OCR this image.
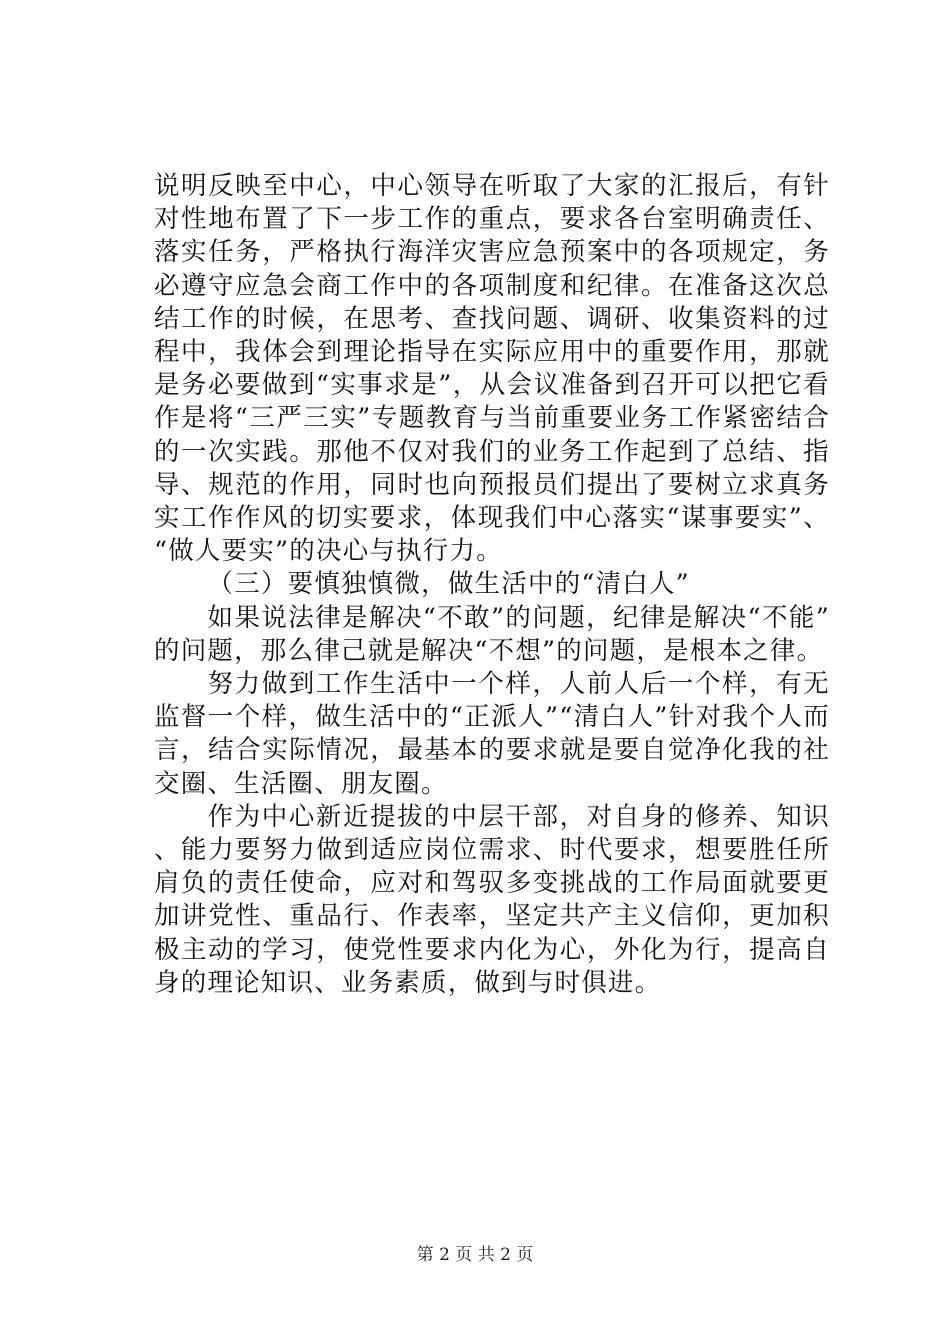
说明反映至中心，中心领导在听取了大家的汇报后，有针对性地布置了下一步工作的重点，要求各台室明确责任、落实任务，严格执行海洋灾害应急预案中的各项规定，务必遵守应急会商工作中的各项制度和纪律。在准备这次总结工作的时候，在思考、查找问题、调研、收集资料的过程中，我体会到理论指导在实际应用中的重要作用，那就是务必要做到“实事求是”，从会议准备到召开可以把它看作是将“三严三实”专题教育与当前重要业务工作紧密结合的一次实践。那他不仅对我们的业务工作起到了总结、指导、规范的作用，同时也向预报员们提出了要树立求真务实工作作风的切实要求，体现我们中心落实“谋事要实”、“做人要实”的决心与执行力。

（三）要慎独慎微，做生活中的“清白人”

如果说法律是解决“不敢”的问题，纪律是解决“不能”的问题，那么律己就是解决“不想”的问题，是根本之律。

努力做到工作生活中一个样，人前人后一个样，有无监督一个样，做生活中的“正派人”“清白人”针对我个人而言，结合实际情况，最基本的要求就是要自觉净化我的社交圈、生活圈、朋友圈。

作为中心新近提拔的中层干部，对自身的修养、知识、能力要努力做到适应岗位需求、时代要求，想要胜任所肩负的责任使命，应对和驾驭多变挑战的工作局面就要更加讲党性、重品行、作表率，坚定共产主义信仰，更加积极主动的学习，使党性要求内化为心，外化为行，提高自身的理论知识、业务素质，做到与时俱进。

第 2 页 共 2 页
